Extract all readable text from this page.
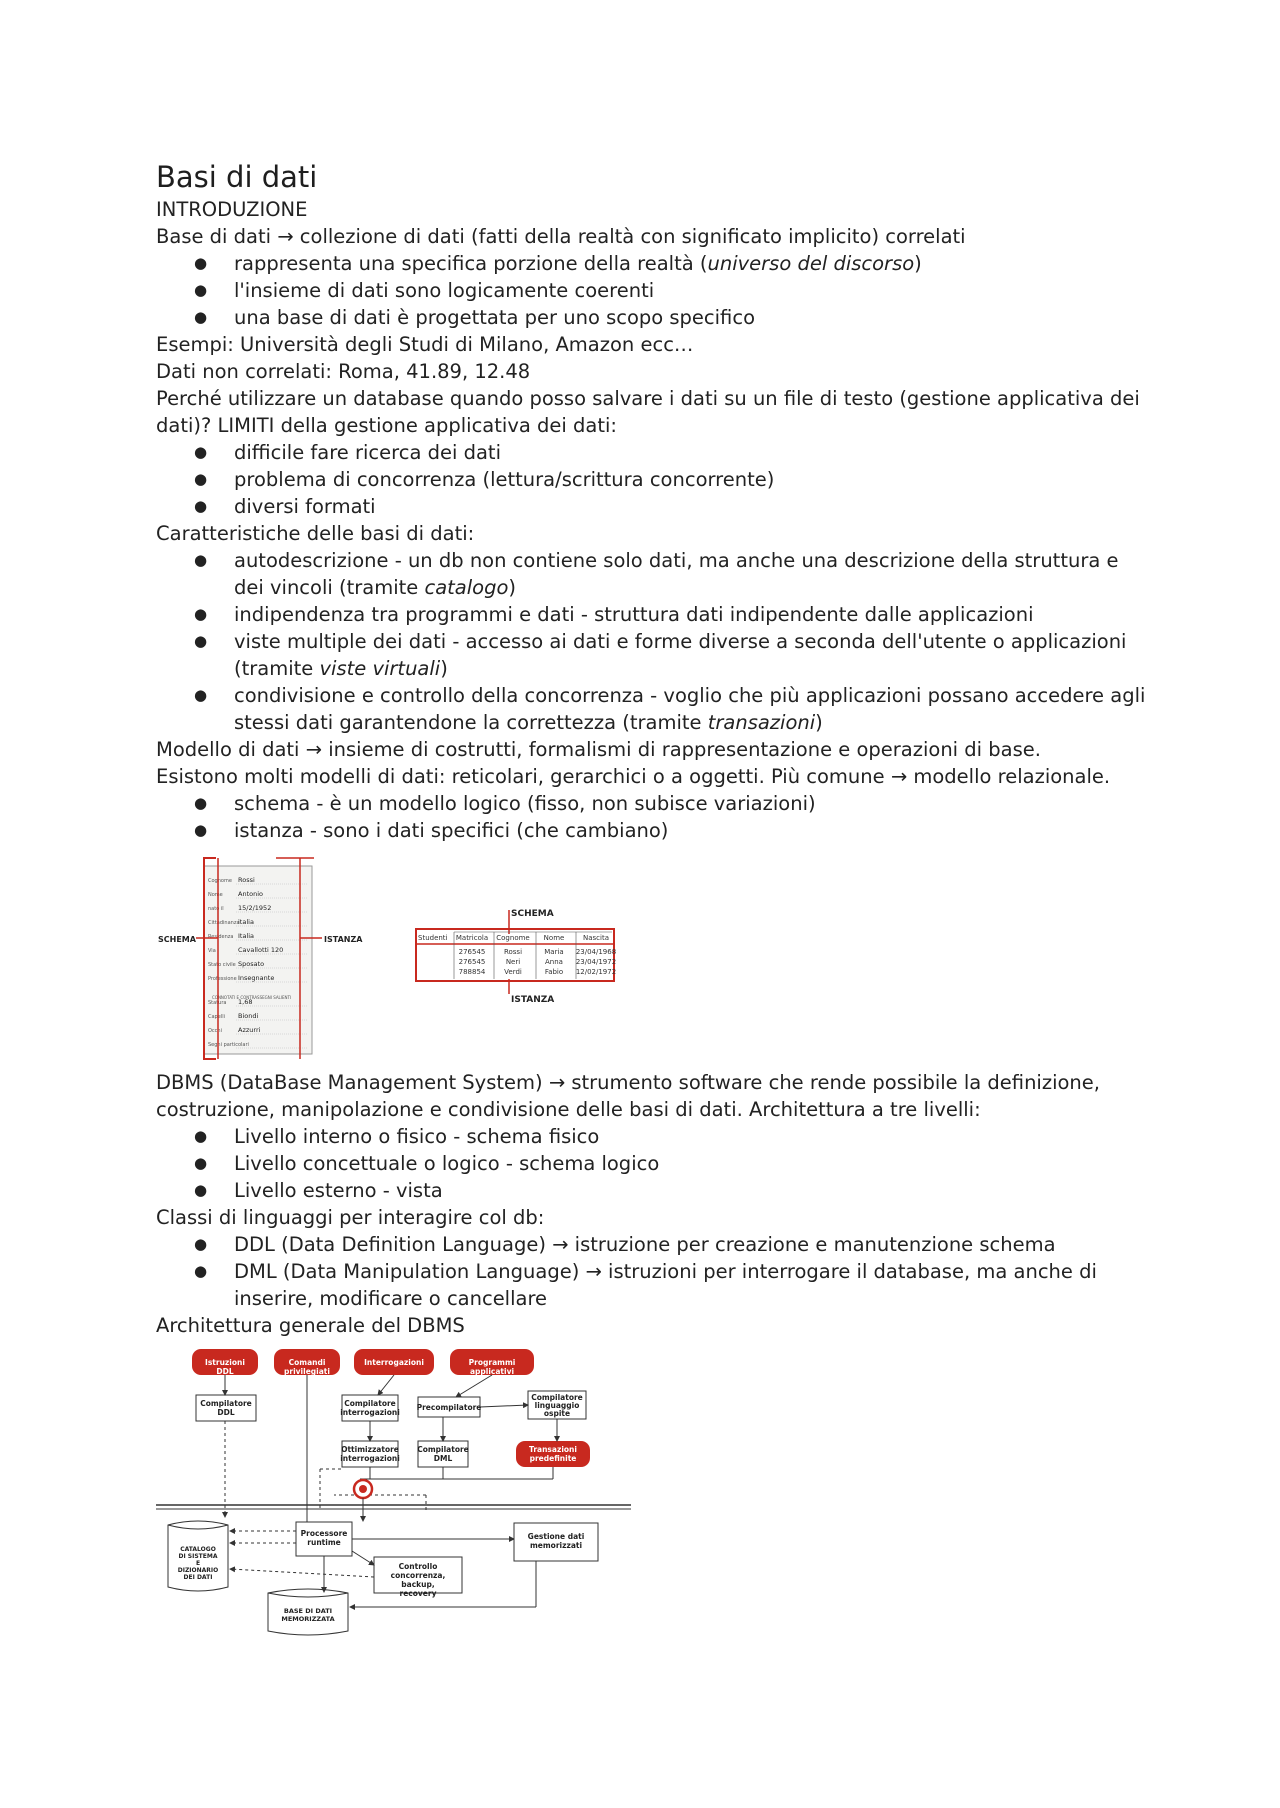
Basi di dati
INTRODUZIONE
Base di dati → collezione di dati (fatti della realtà con significato implicito) correlati
● rappresenta una specifica porzione della realtà (universo del discorso)
● l'insieme di dati sono logicamente coerenti
● una base di dati è progettata per uno scopo specifico
Esempi: Università degli Studi di Milano, Amazon ecc…
Dati non correlati: Roma, 41.89, 12.48
Perché utilizzare un database quando posso salvare i dati su un file di testo (gestione applicativa dei dati)? LIMITI della gestione applicativa dei dati:
● difficile fare ricerca dei dati
● problema di concorrenza (lettura/scrittura concorrente)
● diversi formati
Caratteristiche delle basi di dati:
● autodescrizione - un db non contiene solo dati, ma anche una descrizione della struttura e dei vincoli (tramite catalogo)
● indipendenza tra programmi e dati - struttura dati indipendente dalle applicazioni
● viste multiple dei dati - accesso ai dati e forme diverse a seconda dell'utente o applicazioni (tramite viste virtuali)
● condivisione e controllo della concorrenza - voglio che più applicazioni possano accedere agli stessi dati garantendone la correttezza (tramite transazioni)
Modello di dati → insieme di costrutti, formalismi di rappresentazione e operazioni di base.
Esistono molti modelli di dati: reticolari, gerarchici o a oggetti. Più comune → modello relazionale.
● schema - è un modello logico (fisso, non subisce variazioni)
● istanza - sono i dati specifici (che cambiano)
Cognome Rossi
Nome Antonio
nato il 15/2/1952
Cittadinanza
italia
Residenza Italia
Via	Cavallotti 120
Stato civile Sposato
Professione Insegnante
Statura 1,68
Capelli Biondi
Occhi Azzurri
Segni particolari
CONNOTATI E CONTRASSEGNI SALIENTI
SCHEMA	ISTANZA
SCHEMA
ISTANZA
Studenti Matricola Cognome Nome	Nascita
276545	Rossi	Maria 23/04/1968
276545	Neri	Anna 23/04/1972
788854	Verdi	Fabio 12/02/1972
DBMS (DataBase Management System) → strumento software che rende possibile la definizione, costruzione, manipolazione e condivisione delle basi di dati. Architettura a tre livelli:
● Livello interno o fisico - schema fisico
● Livello concettuale o logico - schema logico
● Livello esterno - vista
Classi di linguaggi per interagire col db:
● DDL (Data Definition Language) → istruzione per creazione e manutenzione schema
● DML (Data Manipulation Language) → istruzioni per interrogare il database, ma anche di inserire, modificare o cancellare
Architettura generale del DBMS
Istruzioni DDL
Comandi privilegiati
Interrogazioni	Programmi applicativi
Compilatore DDL
Compilatore interrogazioni
Precompilatore
Compilatore linguaggio ospite
Ottimizzatore interrogazioni
Compilatore DML
Transazioni predefinite
CATALOGO DI SISTEMA E DIZIONARIO DEI DATI
Processore runtime
Gestione dati memorizzati
Controllo concorrenza, backup, recovery
BASE DI DATI MEMORIZZATA
